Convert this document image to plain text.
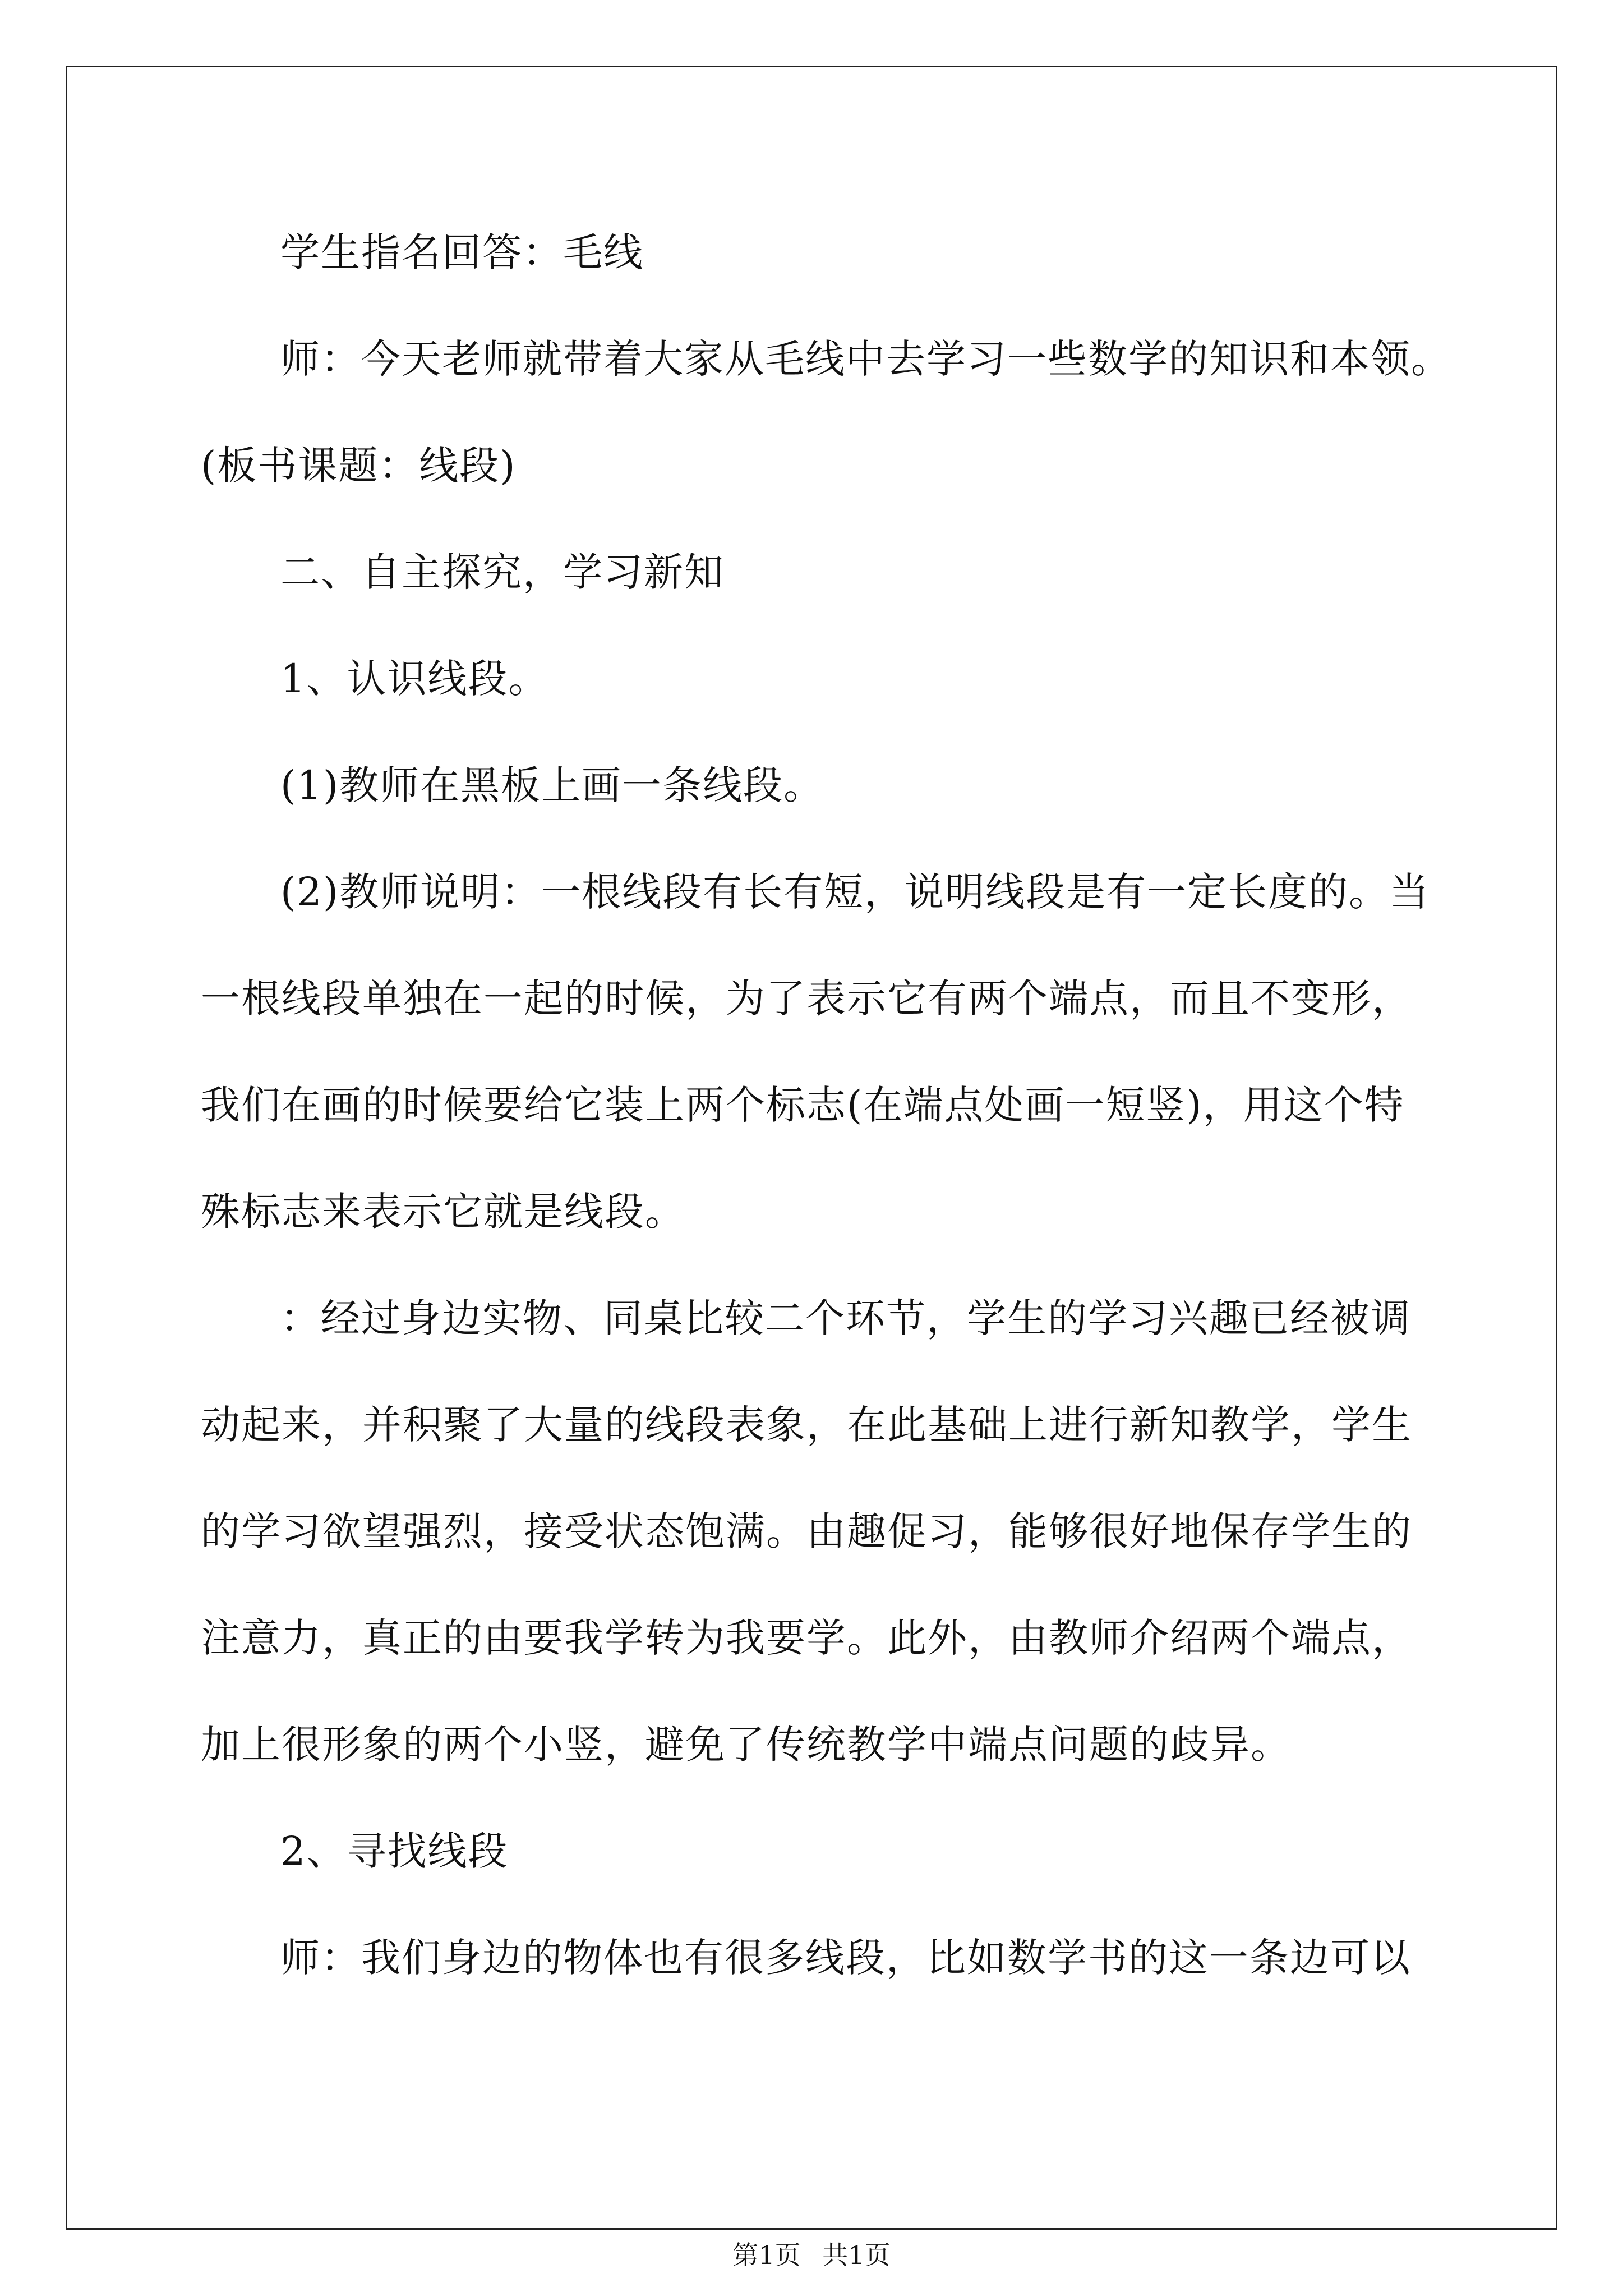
学生指名回答：毛线
师：今天老师就带着大家从毛线中去学习一些数学的知识和本领。
(板书课题：线段)
二、自主探究，学习新知
1、认识线段。
(1)教师在黑板上画一条线段。
(2)教师说明：一根线段有长有短，说明线段是有一定长度的。当
一根线段单独在一起的时候，为了表示它有两个端点，而且不变形，
我们在画的时候要给它装上两个标志(在端点处画一短竖)，用这个特
殊标志来表示它就是线段。
：经过身边实物、同桌比较二个环节，学生的学习兴趣已经被调
动起来，并积聚了大量的线段表象，在此基础上进行新知教学，学生
的学习欲望强烈，接受状态饱满。由趣促习，能够很好地保存学生的
注意力，真正的由要我学转为我要学。此外，由教师介绍两个端点，
加上很形象的两个小竖，避免了传统教学中端点问题的歧异。
2、寻找线段
师：我们身边的物体也有很多线段，比如数学书的这一条边可以
第1页 共1页
